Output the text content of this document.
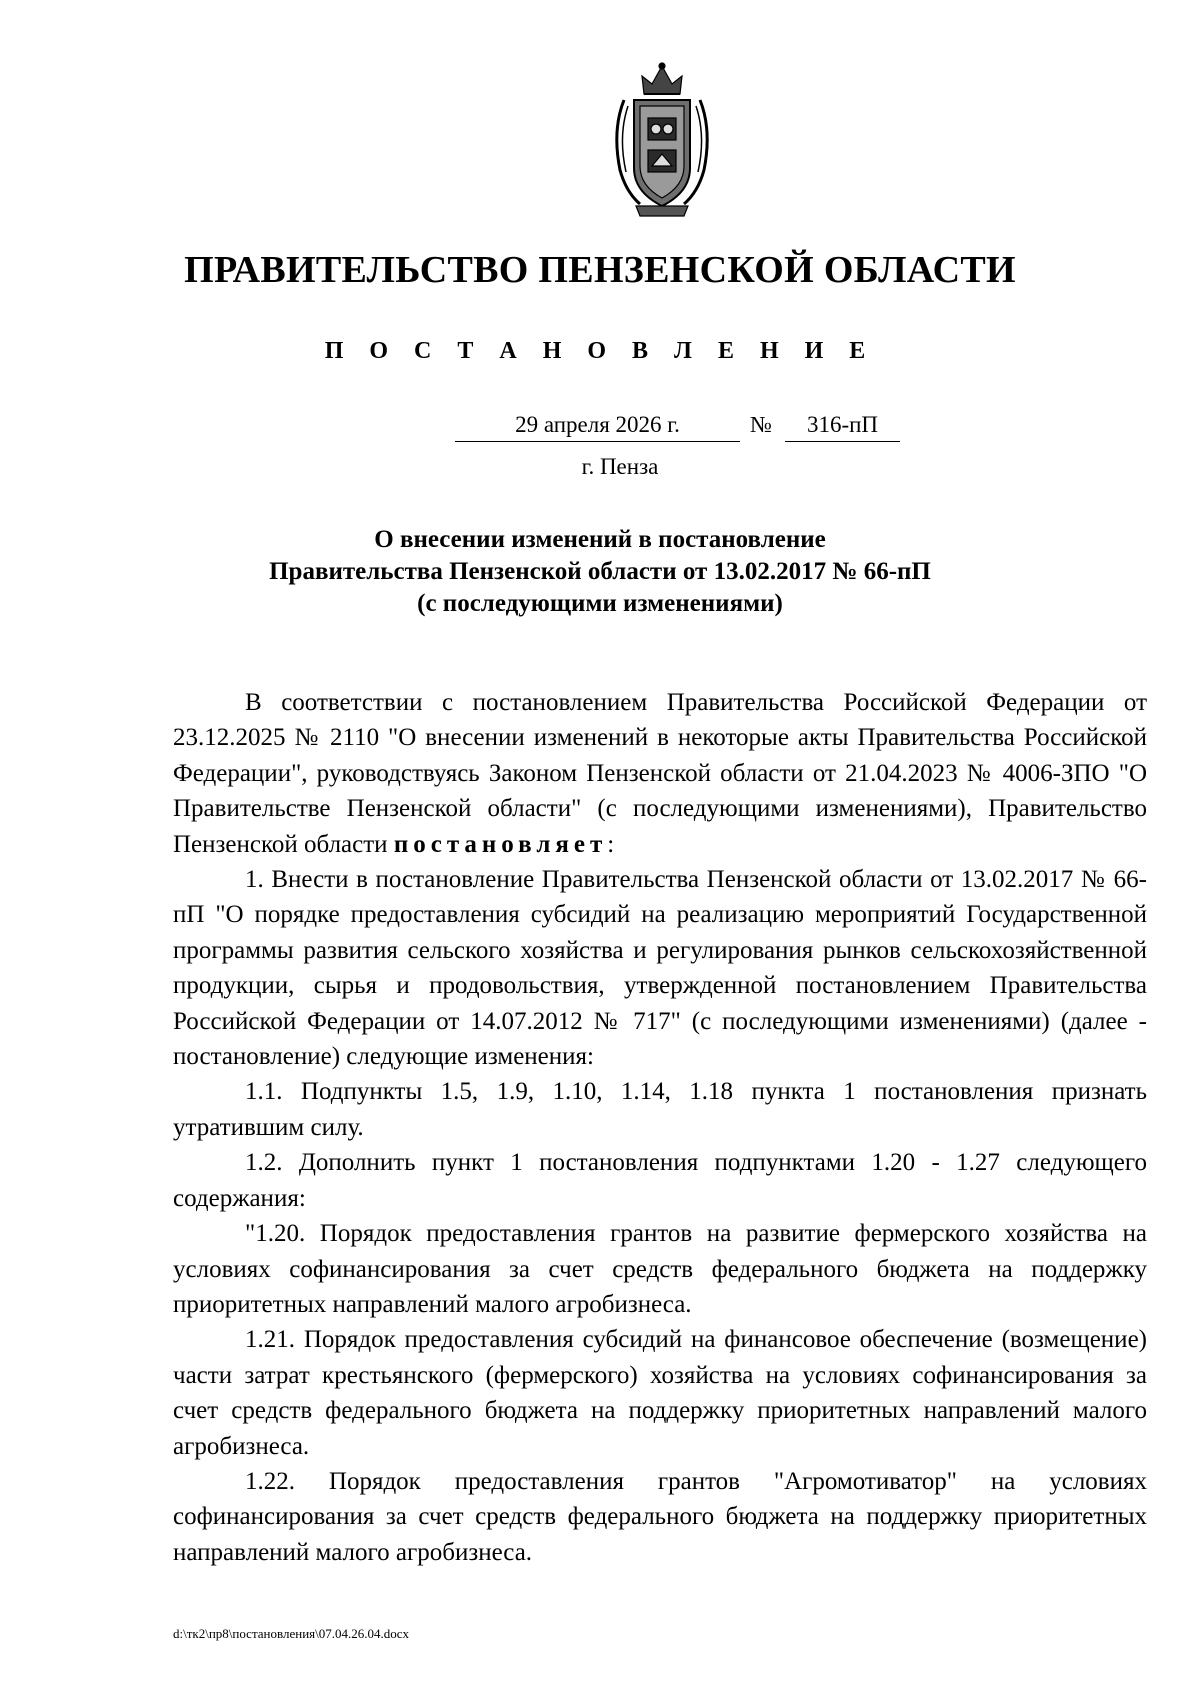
ПРАВИТЕЛЬСТВО ПЕНЗЕНСКОЙ ОБЛАСТИ
П О С Т А Н О В Л Е Н И Е
29 апреля 2026 г.	№	316-пП
г. Пенза
О внесении изменений в постановление
Правительства Пензенской области от 13.02.2017 № 66-пП
(с последующими изменениями)

В соответствии с постановлением Правительства Российской Федерации от 23.12.2025 № 2110 "О внесении изменений в некоторые акты Правительства Российской Федерации", руководствуясь Законом Пензенской области от 21.04.2023 № 4006-ЗПО "О Правительстве Пензенской области" (с последующими изменениями), Правительство Пензенской области постановляет:

1. Внести в постановление Правительства Пензенской области от 13.02.2017 № 66-пП "О порядке предоставления субсидий на реализацию мероприятий Государственной программы развития сельского хозяйства и регулирования рынков сельскохозяйственной продукции, сырья и продовольствия, утвержденной постановлением Правительства Российской Федерации от 14.07.2012 № 717" (с последующими изменениями) (далее - постановление) следующие изменения:

1.1. Подпункты 1.5, 1.9, 1.10, 1.14, 1.18 пункта 1 постановления признать утратившим силу.

1.2. Дополнить пункт 1 постановления подпунктами 1.20 - 1.27 следующего содержания:

"1.20. Порядок предоставления грантов на развитие фермерского хозяйства на условиях софинансирования за счет средств федерального бюджета на поддержку приоритетных направлений малого агробизнеса.

1.21. Порядок предоставления субсидий на финансовое обеспечение (возмещение) части затрат крестьянского (фермерского) хозяйства на условиях софинансирования за счет средств федерального бюджета на поддержку приоритетных направлений малого агробизнеса.

1.22. Порядок предоставления грантов "Агромотиватор" на условиях софинансирования за счет средств федерального бюджета на поддержку приоритетных направлений малого агробизнеса.

d:\тк2\пр8\постановления\07.04.26.04.docx
